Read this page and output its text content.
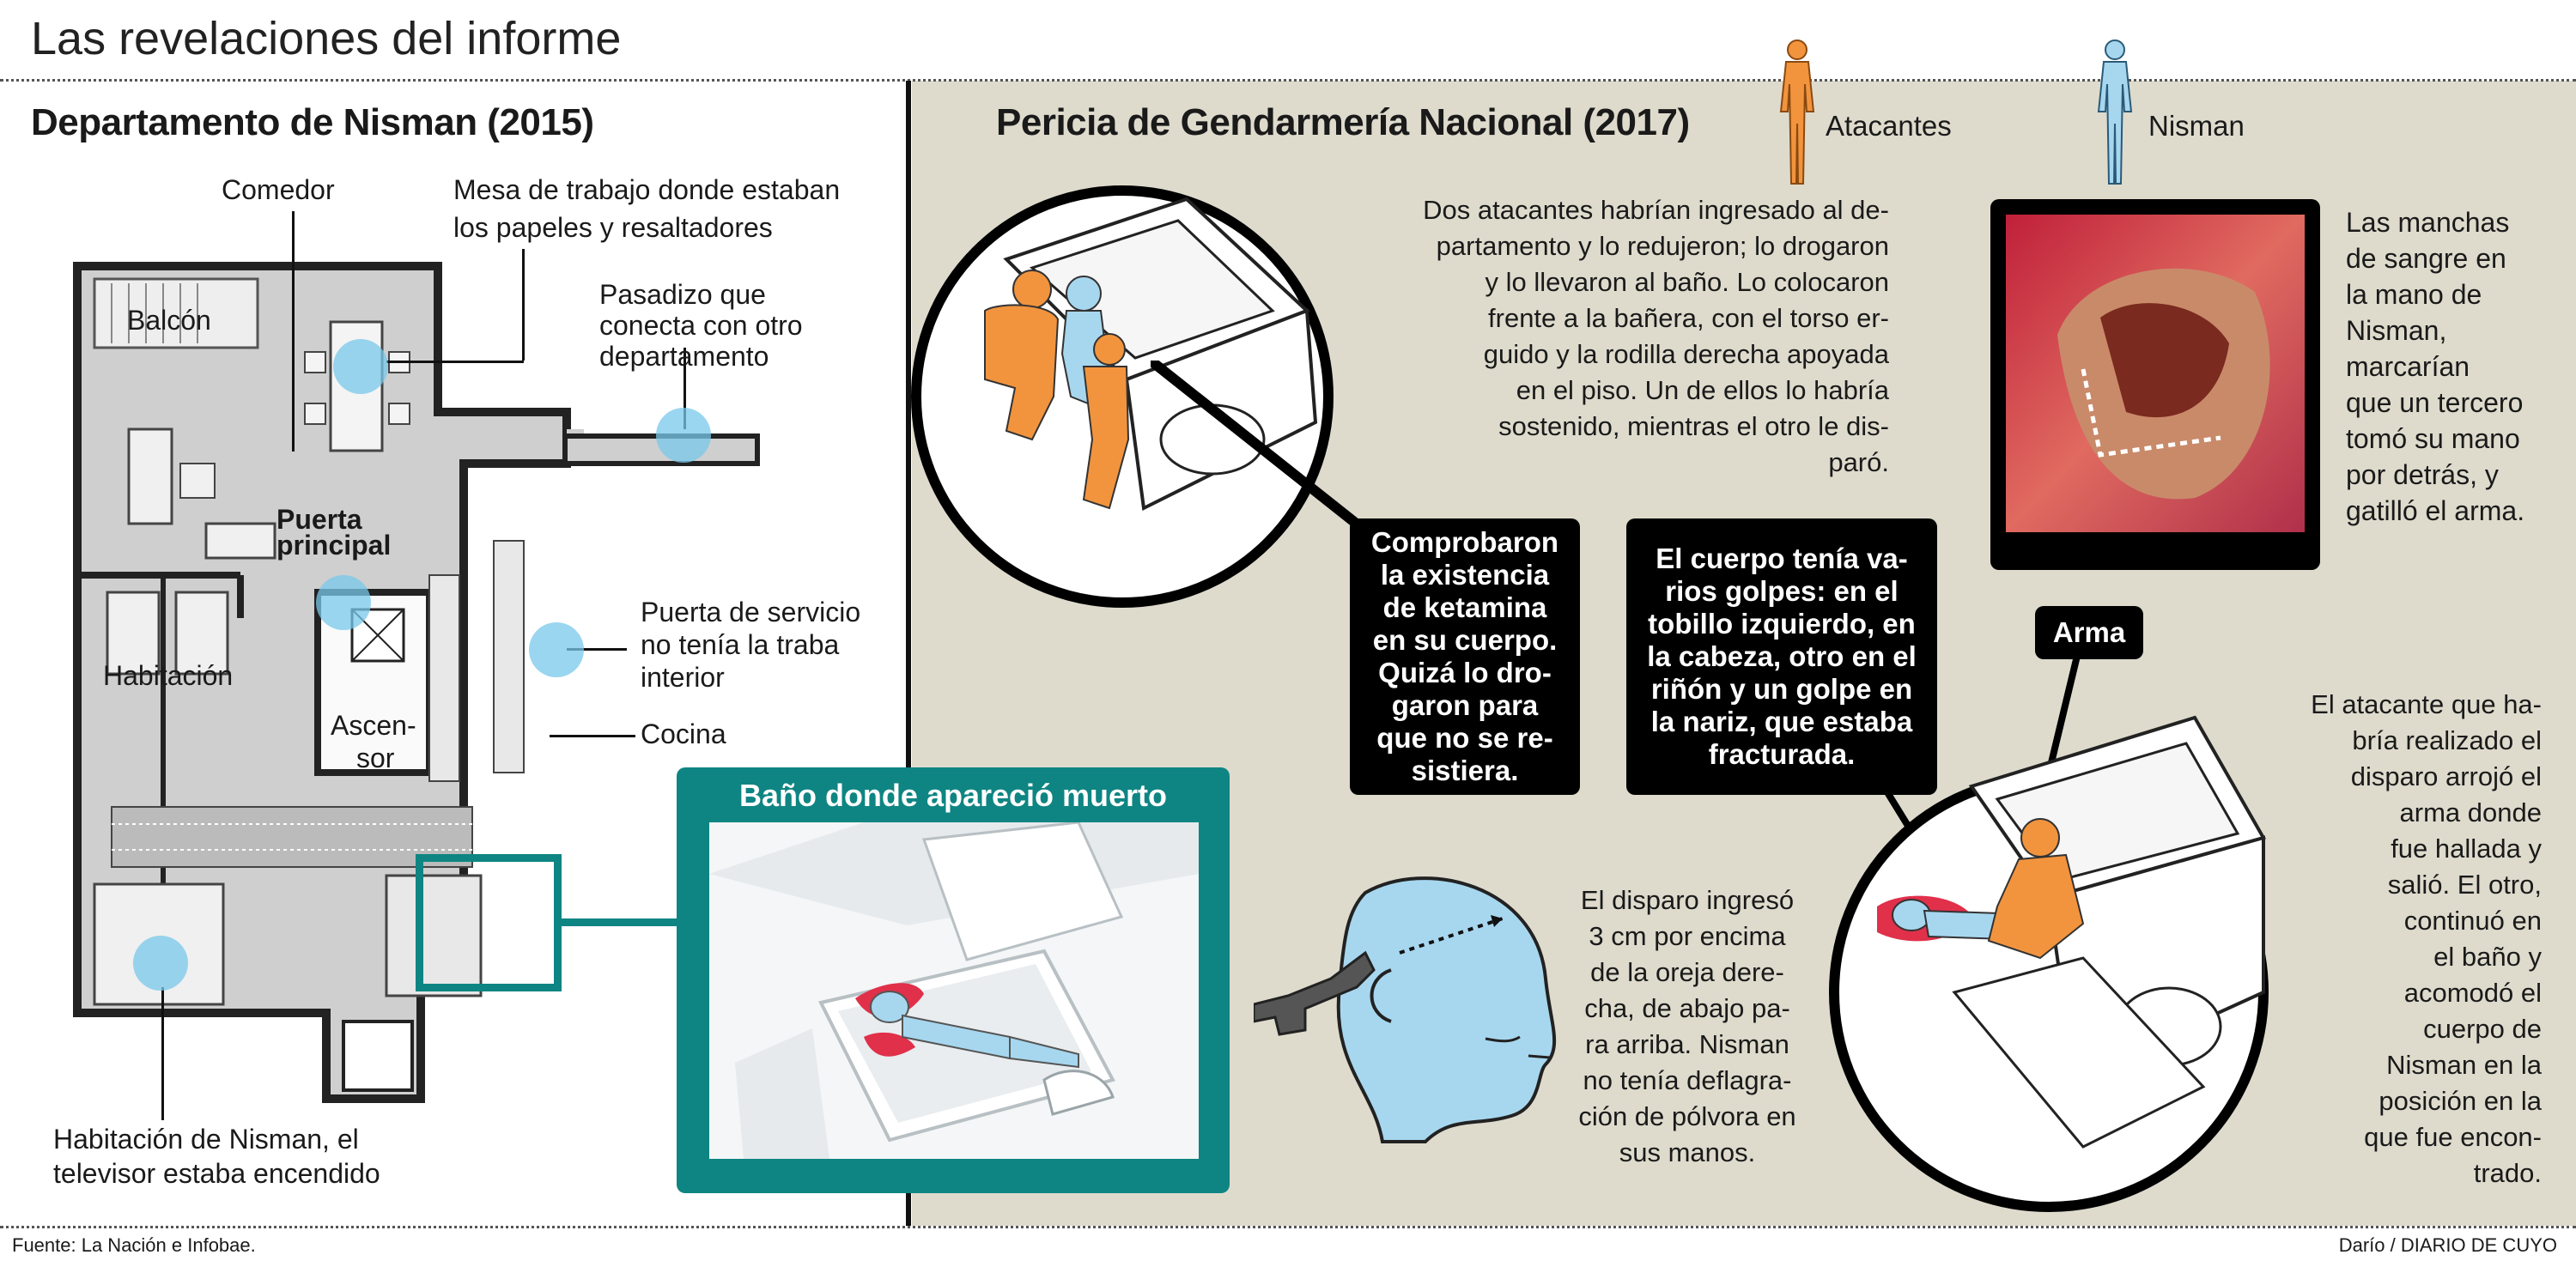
Las revelaciones del informe
Fuente: La Nación e Infobae.	Darío / DIARIO DE CUYO
Departamento de Nisman (2015)
Comedor	Mesa de trabajo donde estaban
los papeles y resaltadores
Balcón
Pasadizo que
conecta con otro
departamento
Puerta
principal
Habitación
Puerta de servicio
no tenía la traba
interior
Ascen-
sor
Cocina
Habitación de Nisman, el
televisor estaba encendido
Baño donde apareció muerto
Pericia de Gendarmería Nacional (2017)	Atacantes	Nisman
Dos atacantes habrían ingresado al de-
partamento y lo redujeron; lo drogaron
y lo llevaron al baño. Lo colocaron
frente a la bañera, con el torso er-
guido y la rodilla derecha apoyada
en el piso. Un de ellos lo habría
sostenido, mientras el otro le dis-
paró.
Las manchas
de sangre en
la mano de
Nisman,
marcarían
que un tercero
tomó su mano
por detrás, y
gatilló el arma.
Comprobaron
la existencia
de ketamina
en su cuerpo.
Quizá lo dro-
garon para
que no se re-
sistiera.
El cuerpo tenía va-
rios golpes: en el
tobillo izquierdo, en
la cabeza, otro en el
riñón y un golpe en
la nariz, que estaba
fracturada.
Arma
El disparo ingresó
3 cm por encima
de la oreja dere-
cha, de abajo pa-
ra arriba. Nisman
no tenía deflagra-
ción de pólvora en
sus manos.
El atacante que ha-
bría realizado el
disparo arrojó el
arma donde
fue hallada y
salió. El otro,
continuó en
el baño y
acomodó el
cuerpo de
Nisman en la
posición en la
que fue encon-
trado.
